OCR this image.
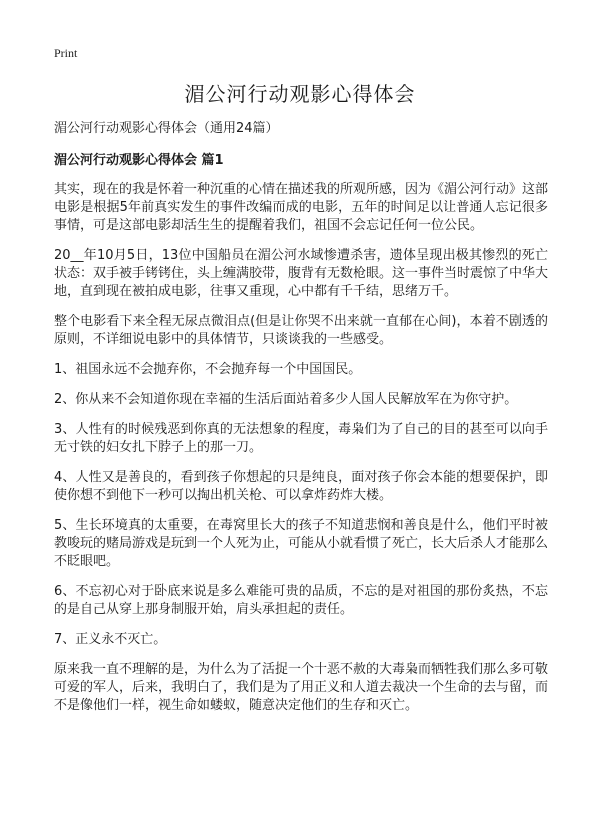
Print
湄公河行动观影心得体会

湄公河行动观影心得体会（通用24篇）

湄公河行动观影心得体会 篇1

其实，现在的我是怀着一种沉重的心情在描述我的所观所感，因为《湄公河行动》这部电影是根据5年前真实发生的事件改编而成的电影，五年的时间足以让普通人忘记很多事情，可是这部电影却活生生的提醒着我们，祖国不会忘记任何一位公民。

20__年10月5日，13位中国船员在湄公河水域惨遭杀害，遗体呈现出极其惨烈的死亡状态：双手被手铐铐住，头上缠满胶带，腹背有无数枪眼。这一事件当时震惊了中华大地，直到现在被拍成电影，往事又重现，心中都有千千结，思绪万千。

整个电影看下来全程无尿点微泪点(但是让你哭不出来就一直郁在心间)，本着不剧透的原则，不详细说电影中的具体情节，只谈谈我的一些感受。

1、祖国永远不会抛弃你，不会抛弃每一个中国国民。

2、你从来不会知道你现在幸福的生活后面站着多少人国人民解放军在为你守护。

3、人性有的时候残恶到你真的无法想象的程度，毒枭们为了自己的目的甚至可以向手无寸铁的妇女扎下脖子上的那一刀。

4、人性又是善良的，看到孩子你想起的只是纯良，面对孩子你会本能的想要保护，即使你想不到他下一秒可以掏出机关枪、可以拿炸药炸大楼。

5、生长环境真的太重要，在毒窝里长大的孩子不知道悲悯和善良是什么，他们平时被教唆玩的赌局游戏是玩到一个人死为止，可能从小就看惯了死亡，长大后杀人才能那么不眨眼吧。

6、不忘初心对于卧底来说是多么难能可贵的品质，不忘的是对祖国的那份炙热，不忘的是自己从穿上那身制服开始，肩头承担起的责任。

7、正义永不灭亡。

原来我一直不理解的是，为什么为了活捉一个十恶不赦的大毒枭而牺牲我们那么多可敬可爱的军人，后来，我明白了，我们是为了用正义和人道去裁决一个生命的去与留，而不是像他们一样，视生命如蝼蚁，随意决定他们的生存和灭亡。
